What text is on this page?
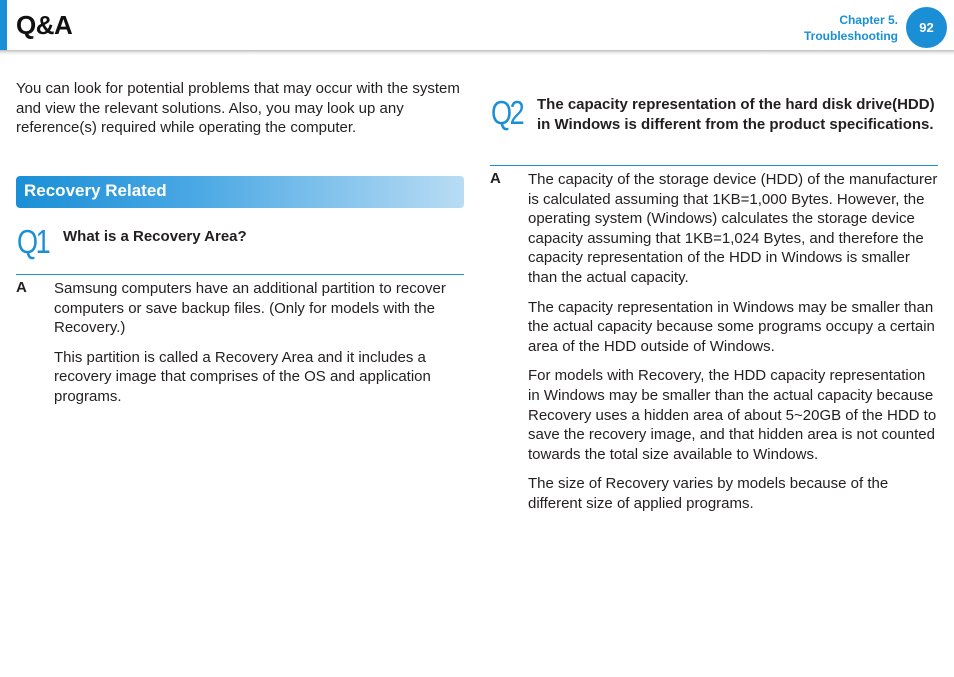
Q&A	Chapter 5.
Troubleshooting
92
You can look for potential problems that may occur with the system and view the relevant solutions. Also, you may look up any reference(s) required while operating the computer.
Recovery Related
Q1 What is a Recovery Area?
A Samsung computers have an additional partition to recover computers or save backup files. (Only for models with the Recovery.)

This partition is called a Recovery Area and it includes a recovery image that comprises of the OS and application programs.

Q2 The capacity representation of the hard disk drive(HDD) in Windows is different from the product specifications.
A The capacity of the storage device (HDD) of the manufacturer is calculated assuming that 1KB=1,000 Bytes. However, the operating system (Windows) calculates the storage device capacity assuming that 1KB=1,024 Bytes, and therefore the capacity representation of the HDD in Windows is smaller than the actual capacity.

The capacity representation in Windows may be smaller than the actual capacity because some programs occupy a certain area of the HDD outside of Windows.

For models with Recovery, the HDD capacity representation in Windows may be smaller than the actual capacity because Recovery uses a hidden area of about 5~20GB of the HDD to save the recovery image, and that hidden area is not counted towards the total size available to Windows.

The size of Recovery varies by models because of the different size of applied programs.
